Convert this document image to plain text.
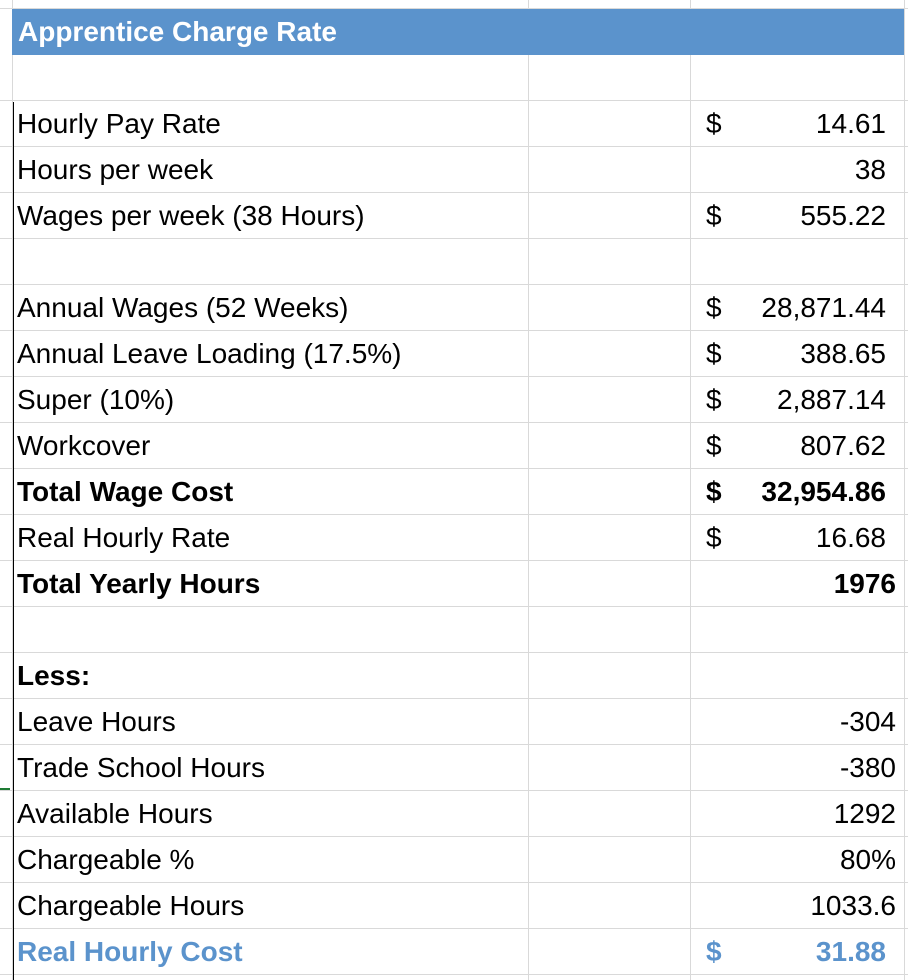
Apprentice Charge Rate
Hourly Pay Rate	$	14.61
Hours per week	38
Wages per week (38 Hours)	$	555.22
Annual Wages (52 Weeks)	$ 28,871.44
Annual Leave Loading (17.5%)	$	388.65
Super (10%)	$ 2,887.14
Workcover	$	807.62
Total Wage Cost	$ 32,954.86
Real Hourly Rate	$	16.68
Total Yearly Hours	1976
Less:
Leave Hours	-304
Trade School Hours	-380
Available Hours	1292
Chargeable %	80%
Chargeable Hours	1033.6
Real Hourly Cost	$	31.88
